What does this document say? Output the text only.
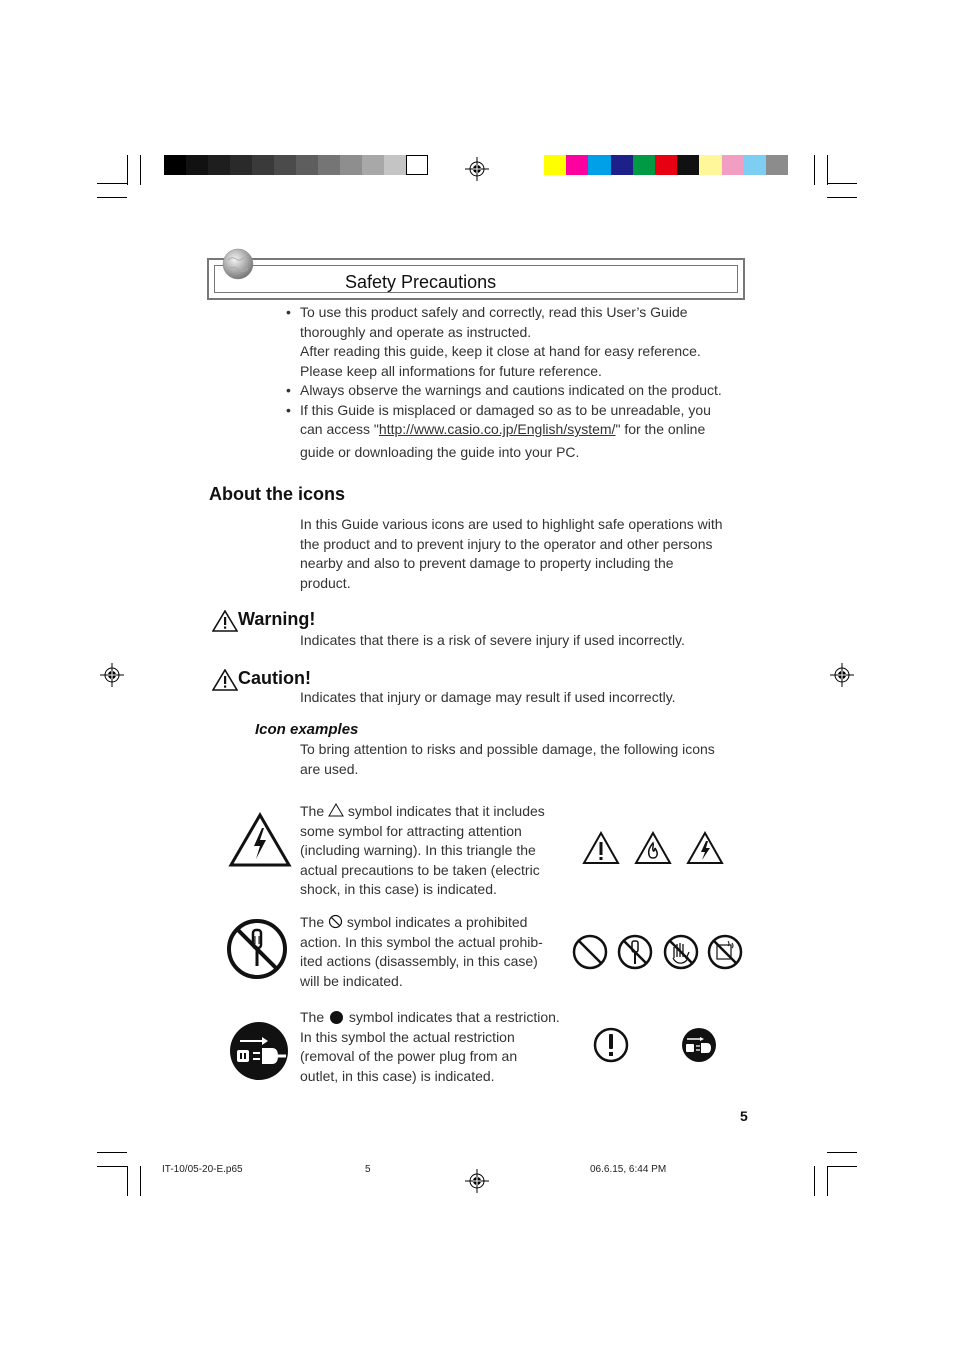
Safety Precautions
• To use this product safely and correctly, read this User’s Guide
thoroughly and operate as instructed.
After reading this guide, keep it close at hand for easy reference.
Please keep all informations for future reference.
• Always observe the warnings and cautions indicated on the product.
• If this Guide is misplaced or damaged so as to be unreadable, you
can access "http://www.casio.co.jp/English/system/" for the online
guide or downloading the guide into your PC.
About the icons
In this Guide various icons are used to highlight safe operations with
the product and to prevent injury to the operator and other persons
nearby and also to prevent damage to property including the
product.
Warning!
Indicates that there is a risk of severe injury if used incorrectly.
Caution!
Indicates that injury or damage may result if used incorrectly.
Icon examples
To bring attention to risks and possible damage, the following icons
are used.
The symbol indicates that it includes
some symbol for attracting attention
(including warning). In this triangle the
actual precautions to be taken (electric
shock, in this case) is indicated.
The symbol indicates a prohibited
action. In this symbol the actual prohib-
ited actions (disassembly, in this case)
will be indicated.
The symbol indicates that a restriction.
In this symbol the actual restriction
(removal of the power plug from an
outlet, in this case) is indicated.
5
IT-10/05-20-E.p65	5	06.6.15, 6:44 PM
